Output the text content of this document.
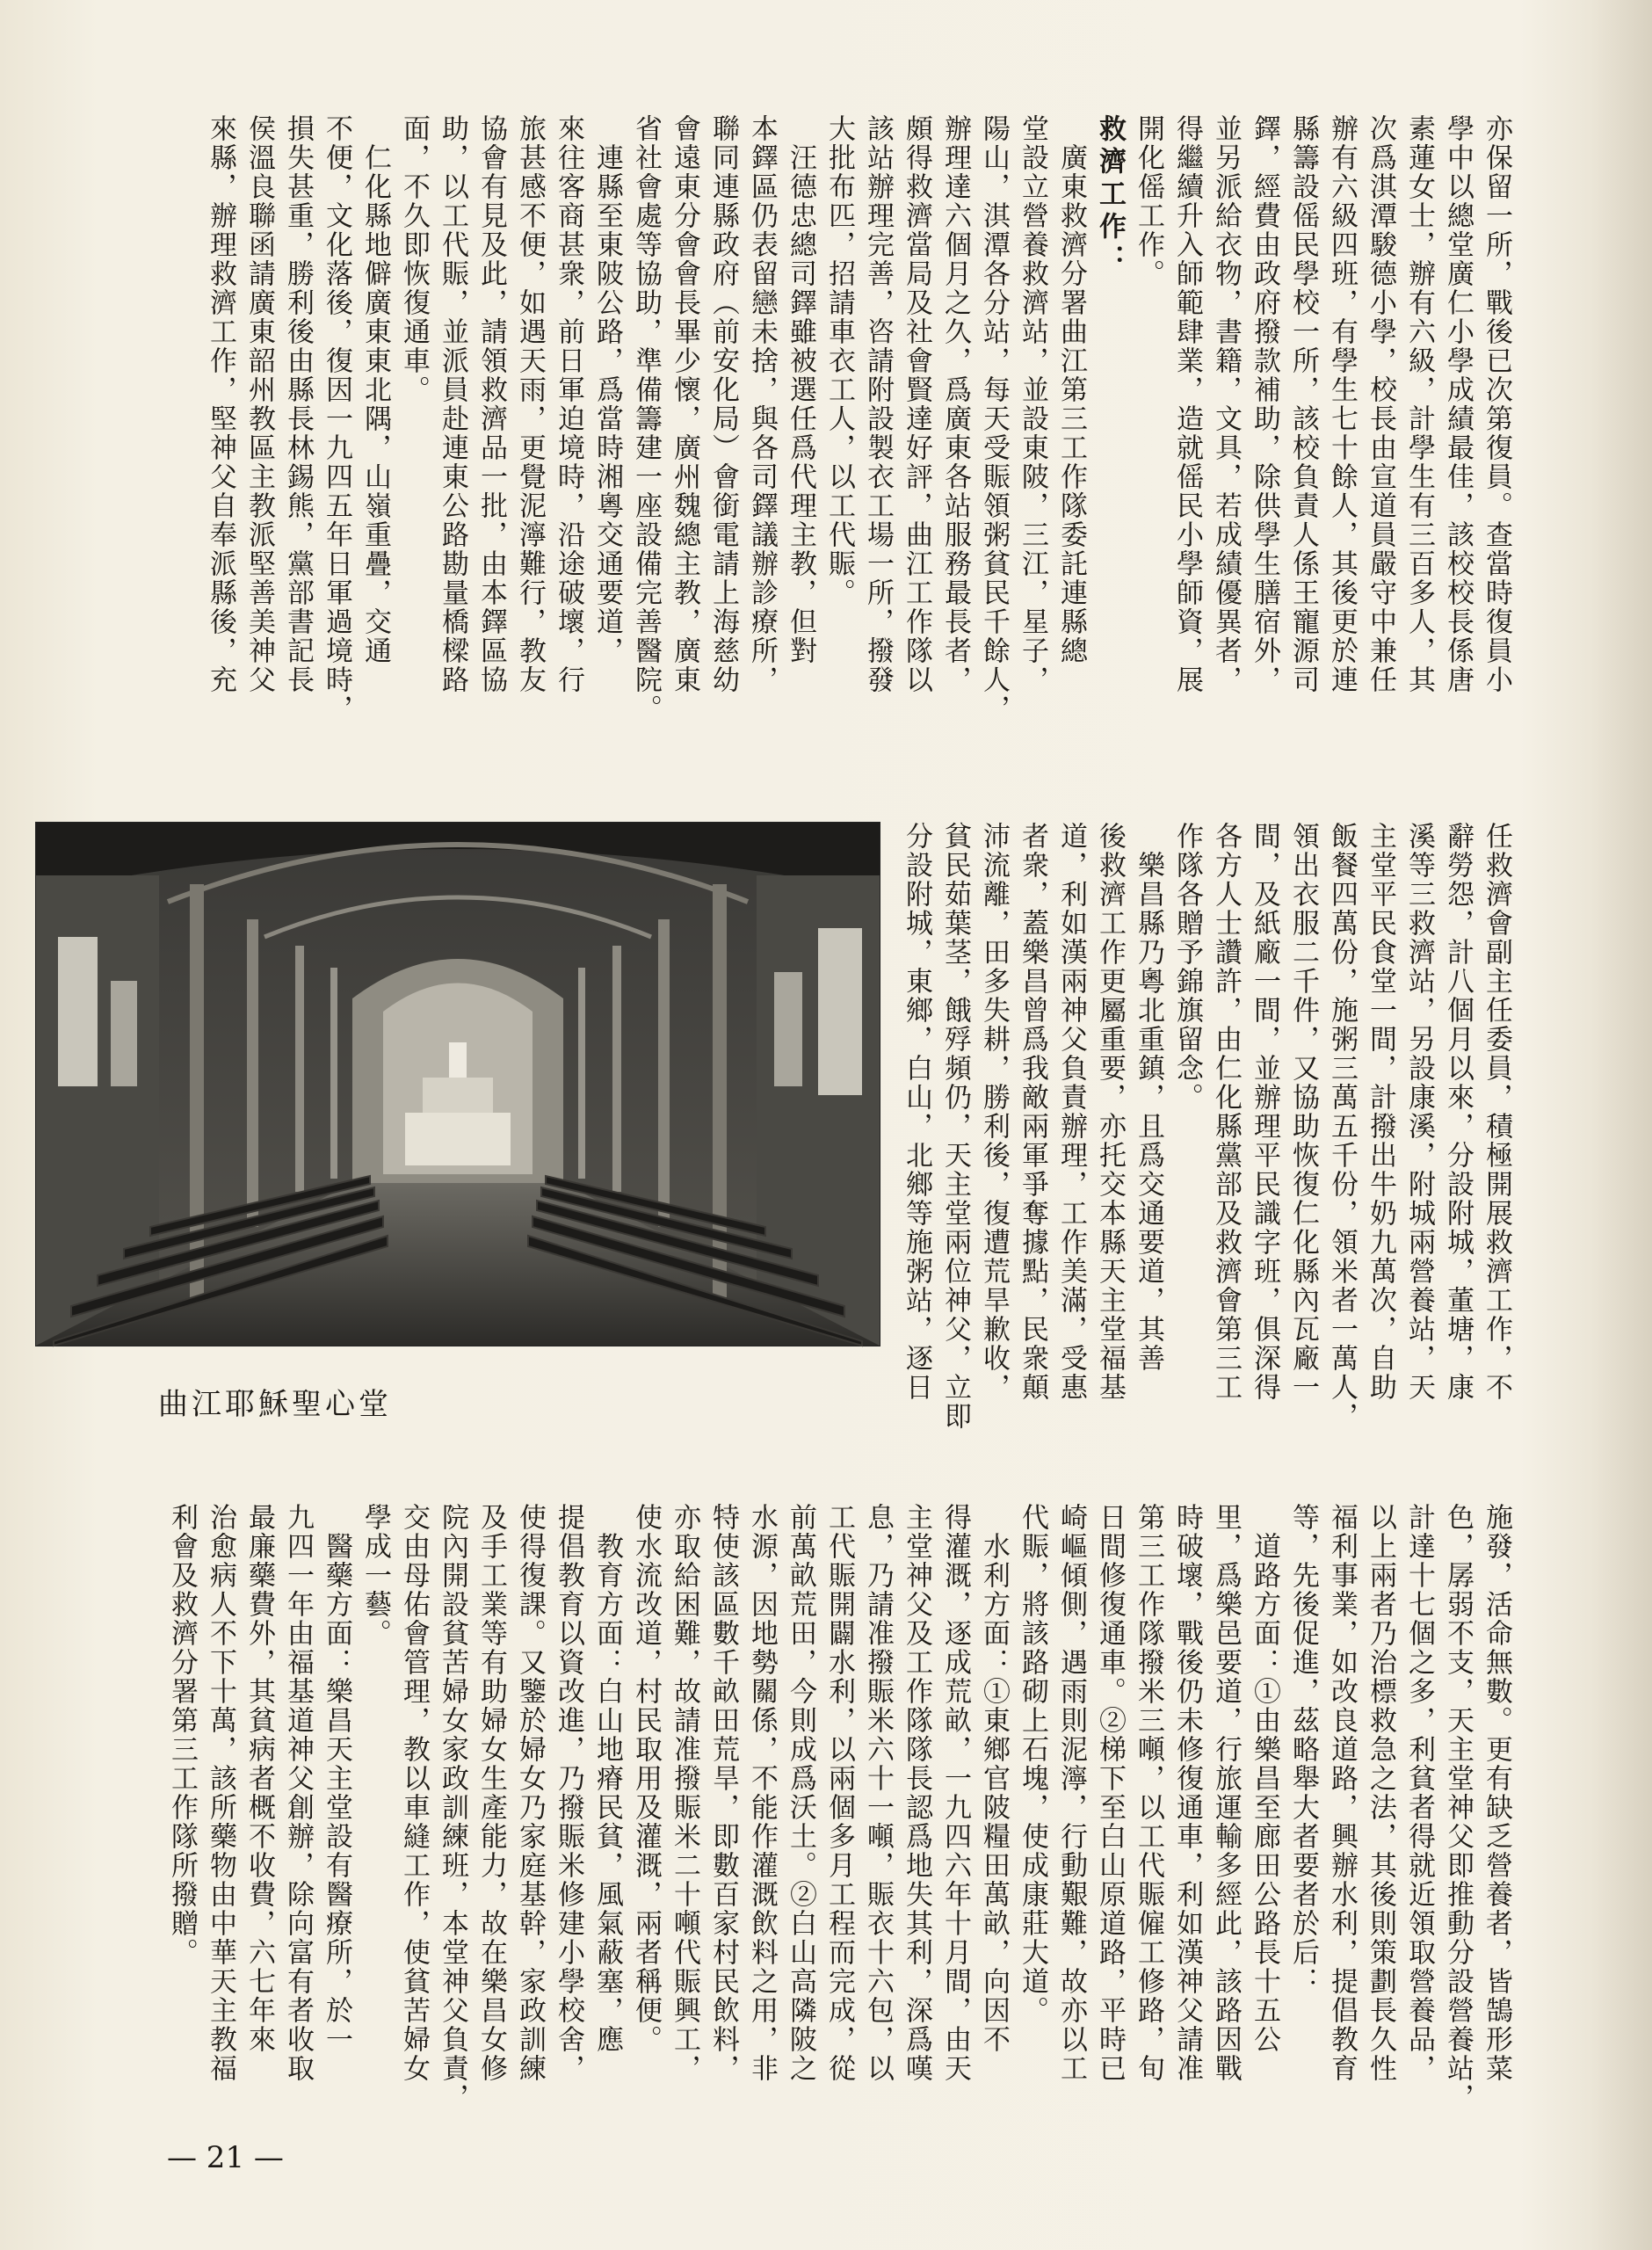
亦保留一所，戰後已次第復員。查當時復員小
學中以總堂廣仁小學成績最佳，該校校長係唐
素蓮女士，辦有六級，計學生有三百多人，其
次爲淇潭駿德小學，校長由宣道員嚴守中兼任
辦有六級四班，有學生七十餘人，其後更於連
縣籌設傜民學校一所，該校負責人係王寵源司
鐸，經費由政府撥款補助，除供學生膳宿外，
並另派給衣物，書籍，文具，若成績優異者，
得繼續升入師範肆業，造就傜民小學師資，展
開化傜工作。
救濟工作：
　廣東救濟分署曲江第三工作隊委託連縣總
堂設立營養救濟站，並設東陂，三江，星子，
陽山，淇潭各分站，每天受賑領粥貧民千餘人，
辦理達六個月之久，爲廣東各站服務最長者，
頗得救濟當局及社會賢達好評，曲江工作隊以
該站辦理完善，咨請附設製衣工場一所，撥發
大批布匹，招請車衣工人，以工代賑。
　汪德忠總司鐸雖被選任爲代理主教，但對
本鐸區仍表留戀未捨，與各司鐸議辦診療所，
聯同連縣政府（前安化局）會銜電請上海慈幼
會遠東分會會長畢少懷，廣州魏總主教，廣東
省社會處等協助，準備籌建一座設備完善醫院。
　連縣至東陂公路，爲當時湘粵交通要道，
來往客商甚衆，前日軍迫境時，沿途破壞，行
旅甚感不便，如遇天雨，更覺泥濘難行，教友
協會有見及此，請領救濟品一批，由本鐸區協
助，以工代賑，並派員赴連東公路勘量橋樑路
面，不久即恢復通車。
　仁化縣地僻廣東東北隅，山嶺重疊，交通
不便，文化落後，復因一九四五年日軍過境時，
損失甚重，勝利後由縣長林錫熊，黨部書記長
侯溫良聯函請廣東韶州教區主教派堅善美神父
來縣，辦理救濟工作，堅神父自奉派縣後，充
任救濟會副主任委員，積極開展救濟工作，不
辭勞怨，計八個月以來，分設附城，董塘，康
溪等三救濟站，另設康溪，附城兩營養站，天
主堂平民食堂一間，計撥出牛奶九萬次，自助
飯餐四萬份，施粥三萬五千份，領米者一萬人，
領出衣服二千件，又協助恢復仁化縣內瓦廠一
間，及紙廠一間，並辦理平民識字班，俱深得
各方人士讚許，由仁化縣黨部及救濟會第三工
作隊各贈予錦旗留念。
　樂昌縣乃粵北重鎮，且爲交通要道，其善
後救濟工作更屬重要，亦托交本縣天主堂福基
道，利如漢兩神父負責辦理，工作美滿，受惠
者衆，蓋樂昌曾爲我敵兩軍爭奪據點，民衆顛
沛流離，田多失耕，勝利後，復遭荒旱歉收，
貧民茹葉茎，餓殍頻仍，天主堂兩位神父，立即
分設附城，東鄉，白山，北鄉等施粥站，逐日
曲江耶穌聖心堂
施發，活命無數。更有缺乏營養者，皆鵠形菜
色，孱弱不支，天主堂神父即推動分設營養站，
計達十七個之多，利貧者得就近領取營養品，
以上兩者乃治標救急之法，其後則策劃長久性
福利事業，如改良道路，興辦水利，提倡教育
等，先後促進，茲略舉大者要者於后：
　道路方面：①由樂昌至廊田公路長十五公
里，爲樂邑要道，行旅運輸多經此，該路因戰
時破壞，戰後仍未修復通車，利如漢神父請准
第三工作隊撥米三噸，以工代賑僱工修路，旬
日間修復通車。②梯下至白山原道路，平時已
崎嶇傾側，遇雨則泥濘，行動艱難，故亦以工
代賑，將該路砌上石塊，使成康莊大道。
　水利方面：①東鄉官陂糧田萬畝，向因不
得灌溉，逐成荒畝，一九四六年十月間，由天
主堂神父及工作隊隊長認爲地失其利，深爲嘆
息，乃請准撥賑米六十一噸，賑衣十六包，以
工代賑開闢水利，以兩個多月工程而完成，從
前萬畝荒田，今則成爲沃土。②白山高隣陂之
水源，因地勢關係，不能作灌溉飲料之用，非
特使該區數千畝田荒旱，即數百家村民飲料，
亦取給困難，故請准撥賑米二十噸代賑興工，
使水流改道，村民取用及灌溉，兩者稱便。
　教育方面：白山地瘠民貧，風氣蔽塞，應
提倡教育以資改進，乃撥賑米修建小學校舍，
使得復課。又鑒於婦女乃家庭基幹，家政訓練
及手工業等有助婦女生產能力，故在樂昌女修
院內開設貧苦婦女家政訓練班，本堂神父負責，
交由母佑會管理，教以車縫工作，使貧苦婦女
學成一藝。
　醫藥方面：樂昌天主堂設有醫療所，於一
九四一年由福基道神父創辦，除向富有者收取
最廉藥費外，其貧病者概不收費，六七年來
治愈病人不下十萬，該所藥物由中華天主教福
利會及救濟分署第三工作隊所撥贈。
— 21 —
